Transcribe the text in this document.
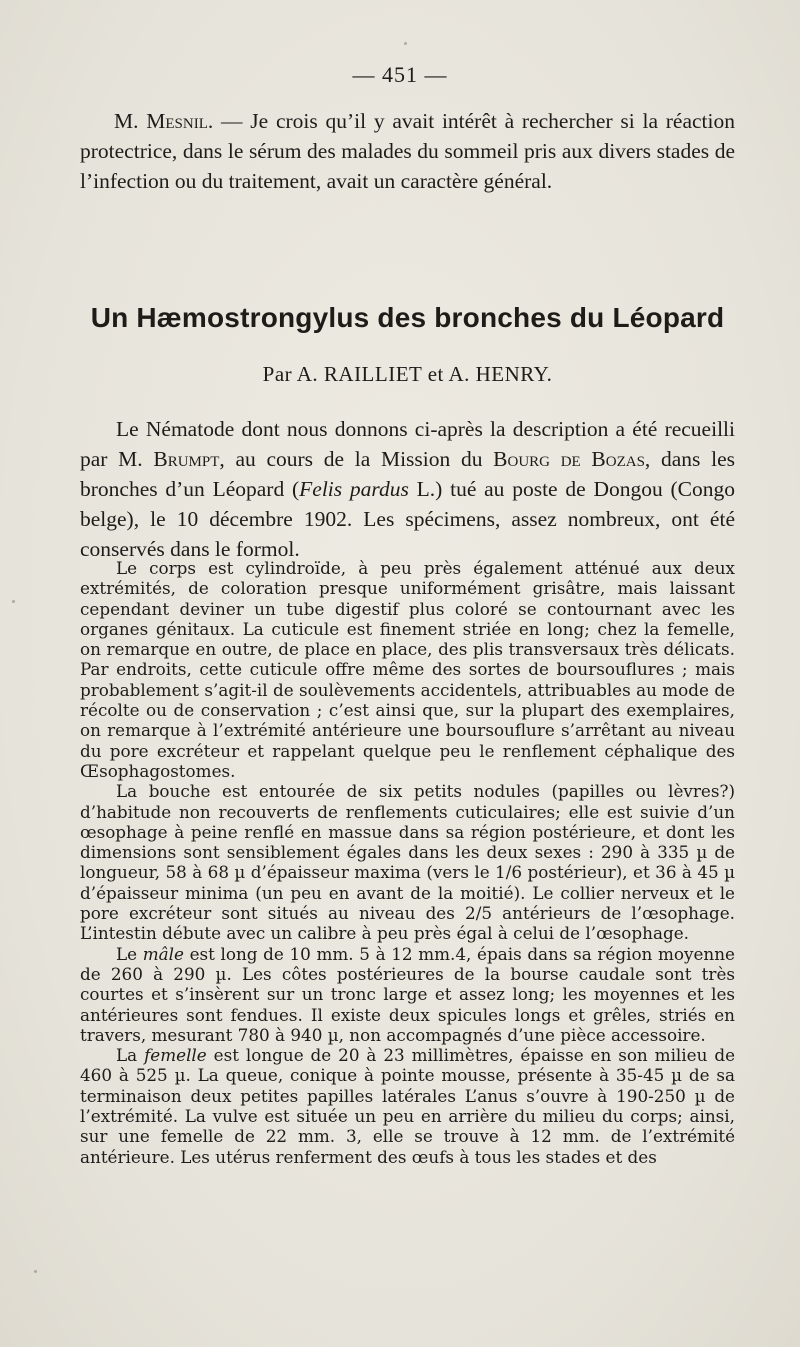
— 451 —

M. Mesnil. — Je crois qu’il y avait intérêt à rechercher si la réaction protectrice, dans le sérum des malades du sommeil pris aux divers stades de l’infection ou du traitement, avait un caractère général.

Un Hæmostrongylus des bronches du Léopard
Par A. RAILLIET et A. HENRY.

Le Nématode dont nous donnons ci-après la description a été recueilli par M. Brumpt, au cours de la Mission du Bourg de Bozas, dans les bronches d’un Léopard (Felis pardus L.) tué au poste de Dongou (Congo belge), le 10 décembre 1902. Les spécimens, assez nombreux, ont été conservés dans le formol.

Le corps est cylindroïde, à peu près également atténué aux deux extrémités, de coloration presque uniformément grisâtre, mais laissant cependant deviner un tube digestif plus coloré se contournant avec les organes génitaux. La cuticule est finement striée en long; chez la femelle, on remarque en outre, de place en place, des plis transversaux très délicats. Par endroits, cette cuticule offre même des sortes de boursouflures ; mais probablement s’agit-il de soulèvements accidentels, attribuables au mode de récolte ou de conservation ; c’est ainsi que, sur la plupart des exemplaires, on remarque à l’extrémité antérieure une boursouflure s’arrêtant au niveau du pore excréteur et rappelant quelque peu le renflement céphalique des Œsophagostomes.

La bouche est entourée de six petits nodules (papilles ou lèvres?) d’habitude non recouverts de renflements cuticulaires; elle est suivie d’un œsophage à peine renflé en massue dans sa région postérieure, et dont les dimensions sont sensiblement égales dans les deux sexes : 290 à 335 µ de longueur, 58 à 68 µ d’épaisseur maxima (vers le 1/6 postérieur), et 36 à 45 µ d’épaisseur minima (un peu en avant de la moitié). Le collier nerveux et le pore excréteur sont situés au niveau des 2/5 antérieurs de l’œsophage. L’intestin débute avec un calibre à peu près égal à celui de l’œsophage.

Le mâle est long de 10 mm. 5 à 12 mm.4, épais dans sa région moyenne de 260 à 290 µ. Les côtes postérieures de la bourse caudale sont très courtes et s’insèrent sur un tronc large et assez long; les moyennes et les antérieures sont fendues. Il existe deux spicules longs et grêles, striés en travers, mesurant 780 à 940 µ, non accompagnés d’une pièce accessoire.

La femelle est longue de 20 à 23 millimètres, épaisse en son milieu de 460 à 525 µ. La queue, conique à pointe mousse, présente à 35-45 µ de sa terminaison deux petites papilles latérales L’anus s’ouvre à 190-250 µ de l’extrémité. La vulve est située un peu en arrière du milieu du corps; ainsi, sur une femelle de 22 mm. 3, elle se trouve à 12 mm. de l’extrémité antérieure. Les utérus renferment des œufs à tous les stades et des
